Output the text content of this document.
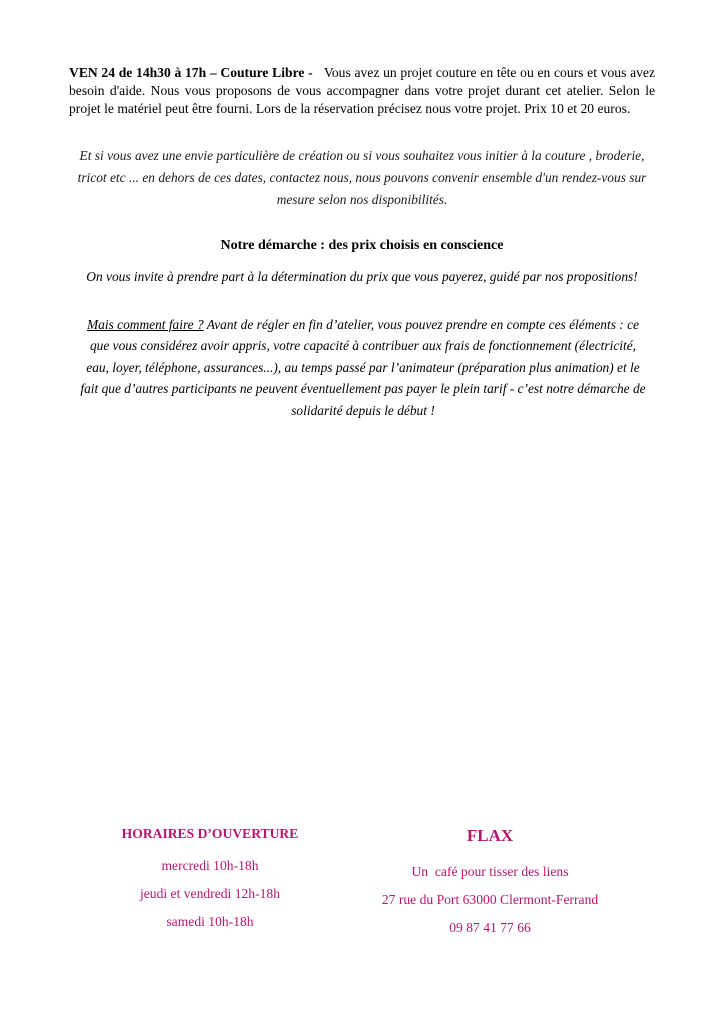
VEN 24 de 14h30 à 17h – Couture Libre - Vous avez un projet couture en tête ou en cours et vous avez besoin d'aide. Nous vous proposons de vous accompagner dans votre projet durant cet atelier. Selon le projet le matériel peut être fourni. Lors de la réservation précisez nous votre projet. Prix 10 et 20 euros.

Et si vous avez une envie particulière de création ou si vous souhaitez vous initier à la couture , broderie, tricot etc ... en dehors de ces dates, contactez nous, nous pouvons convenir ensemble d'un rendez-vous sur mesure selon nos disponibilités.

Notre démarche : des prix choisis en conscience

On vous invite à prendre part à la détermination du prix que vous payerez, guidé par nos propositions!

Mais comment faire ? Avant de régler en fin d’atelier, vous pouvez prendre en compte ces éléments : ce que vous considérez avoir appris, votre capacité à contribuer aux frais de fonctionnement (électricité, eau, loyer, téléphone, assurances...), au temps passé par l’animateur (préparation plus animation) et le fait que d’autres participants ne peuvent éventuellement pas payer le plein tarif - c’est notre démarche de solidarité depuis le début !

HORAIRES D’OUVERTURE
mercredi 10h-18h
jeudi et vendredi 12h-18h
samedi 10h-18h
FLAX
Un  café pour tisser des liens
27 rue du Port 63000 Clermont-Ferrand
09 87 41 77 66
